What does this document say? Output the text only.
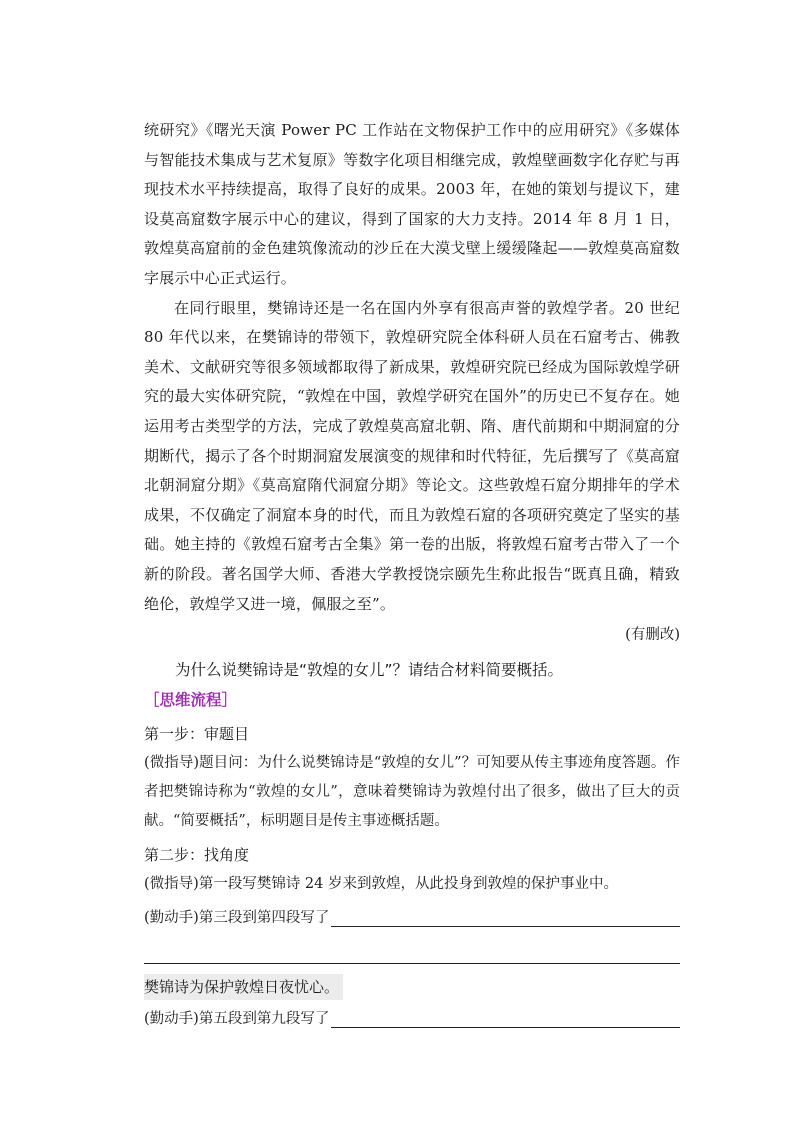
统研究》《曙光天演 Power PC 工作站在文物保护工作中的应用研究》《多媒体与智能技术集成与艺术复原》等数字化项目相继完成，敦煌壁画数字化存贮与再现技术水平持续提高，取得了良好的成果。2003 年，在她的策划与提议下，建设莫高窟数字展示中心的建议，得到了国家的大力支持。2014 年 8 月 1 日，敦煌莫高窟前的金色建筑像流动的沙丘在大漠戈壁上缓缓隆起——敦煌莫高窟数字展示中心正式运行。

在同行眼里，樊锦诗还是一名在国内外享有很高声誉的敦煌学者。20 世纪 80 年代以来，在樊锦诗的带领下，敦煌研究院全体科研人员在石窟考古、佛教美术、文献研究等很多领域都取得了新成果，敦煌研究院已经成为国际敦煌学研究的最大实体研究院，“敦煌在中国，敦煌学研究在国外”的历史已不复存在。她运用考古类型学的方法，完成了敦煌莫高窟北朝、隋、唐代前期和中期洞窟的分期断代，揭示了各个时期洞窟发展演变的规律和时代特征，先后撰写了《莫高窟北朝洞窟分期》《莫高窟隋代洞窟分期》等论文。这些敦煌石窟分期排年的学术成果，不仅确定了洞窟本身的时代，而且为敦煌石窟的各项研究奠定了坚实的基础。她主持的《敦煌石窟考古全集》第一卷的出版，将敦煌石窟考古带入了一个新的阶段。著名国学大师、香港大学教授饶宗颐先生称此报告“既真且确，精致绝伦，敦煌学又进一境，佩服之至”。

(有删改)

为什么说樊锦诗是“敦煌的女儿”？请结合材料简要概括。

［思维流程］

第一步：审题目

(微指导)题目问：为什么说樊锦诗是“敦煌的女儿”？可知要从传主事迹角度答题。作者把樊锦诗称为“敦煌的女儿”，意味着樊锦诗为敦煌付出了很多，做出了巨大的贡献。“简要概括”，标明题目是传主事迹概括题。

第二步：找角度

(微指导)第一段写樊锦诗 24 岁来到敦煌，从此投身到敦煌的保护事业中。

(勤动手)第三段到第四段写了
樊锦诗为保护敦煌日夜忧心。
(勤动手)第五段到第九段写了
